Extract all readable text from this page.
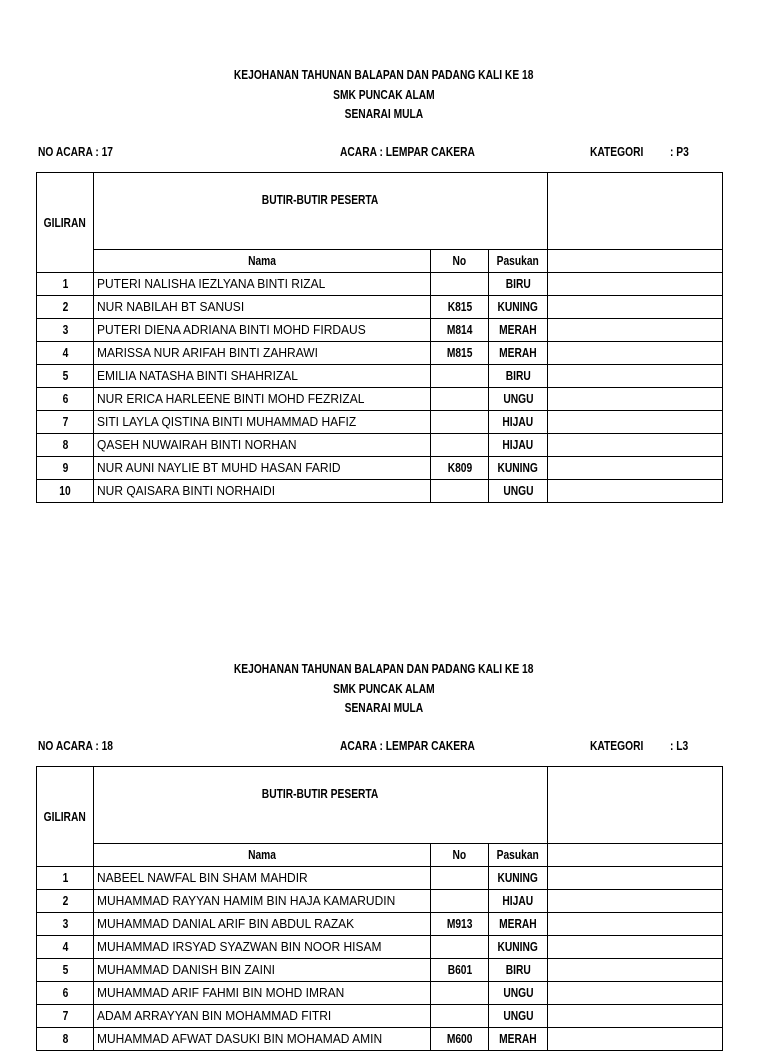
KEJOHANAN TAHUNAN BALAPAN DAN PADANG KALI KE 18
SMK PUNCAK ALAM
SENARAI MULA
NO ACARA : 17	ACARA : LEMPAR CAKERA	KATEGORI	: P3
GILIRAN	BUTIR-BUTIR PESERTA			
	Nama	No	Pasukan	
1	PUTERI NALISHA IEZLYANA BINTI RIZAL		BIRU	
2	NUR NABILAH BT SANUSI	K815	KUNING	
3	PUTERI DIENA ADRIANA BINTI MOHD FIRDAUS	M814	MERAH	
4	MARISSA NUR ARIFAH BINTI ZAHRAWI	M815	MERAH	
5	EMILIA NATASHA BINTI SHAHRIZAL		BIRU	
6	NUR ERICA HARLEENE BINTI MOHD FEZRIZAL		UNGU	
7	SITI LAYLA QISTINA BINTI MUHAMMAD HAFIZ		HIJAU	
8	QASEH NUWAIRAH BINTI NORHAN		HIJAU	
9	NUR AUNI NAYLIE BT MUHD HASAN FARID	K809	KUNING	
10	NUR QAISARA BINTI NORHAIDI		UNGU	
KEJOHANAN TAHUNAN BALAPAN DAN PADANG KALI KE 18
SMK PUNCAK ALAM
SENARAI MULA
NO ACARA : 18	ACARA : LEMPAR CAKERA	KATEGORI	: L3
GILIRAN	BUTIR-BUTIR PESERTA			
	Nama	No	Pasukan	
1	NABEEL NAWFAL BIN SHAM MAHDIR		KUNING	
2	MUHAMMAD RAYYAN HAMIM BIN HAJA KAMARUDIN		HIJAU	
3	MUHAMMAD DANIAL ARIF BIN ABDUL RAZAK	M913	MERAH	
4	MUHAMMAD IRSYAD SYAZWAN BIN NOOR HISAM		KUNING	
5	MUHAMMAD DANISH BIN ZAINI	B601	BIRU	
6	MUHAMMAD ARIF FAHMI BIN MOHD IMRAN		UNGU	
7	ADAM ARRAYYAN BIN MOHAMMAD FITRI		UNGU	
8	MUHAMMAD AFWAT DASUKI BIN MOHAMAD AMIN	M600	MERAH	
